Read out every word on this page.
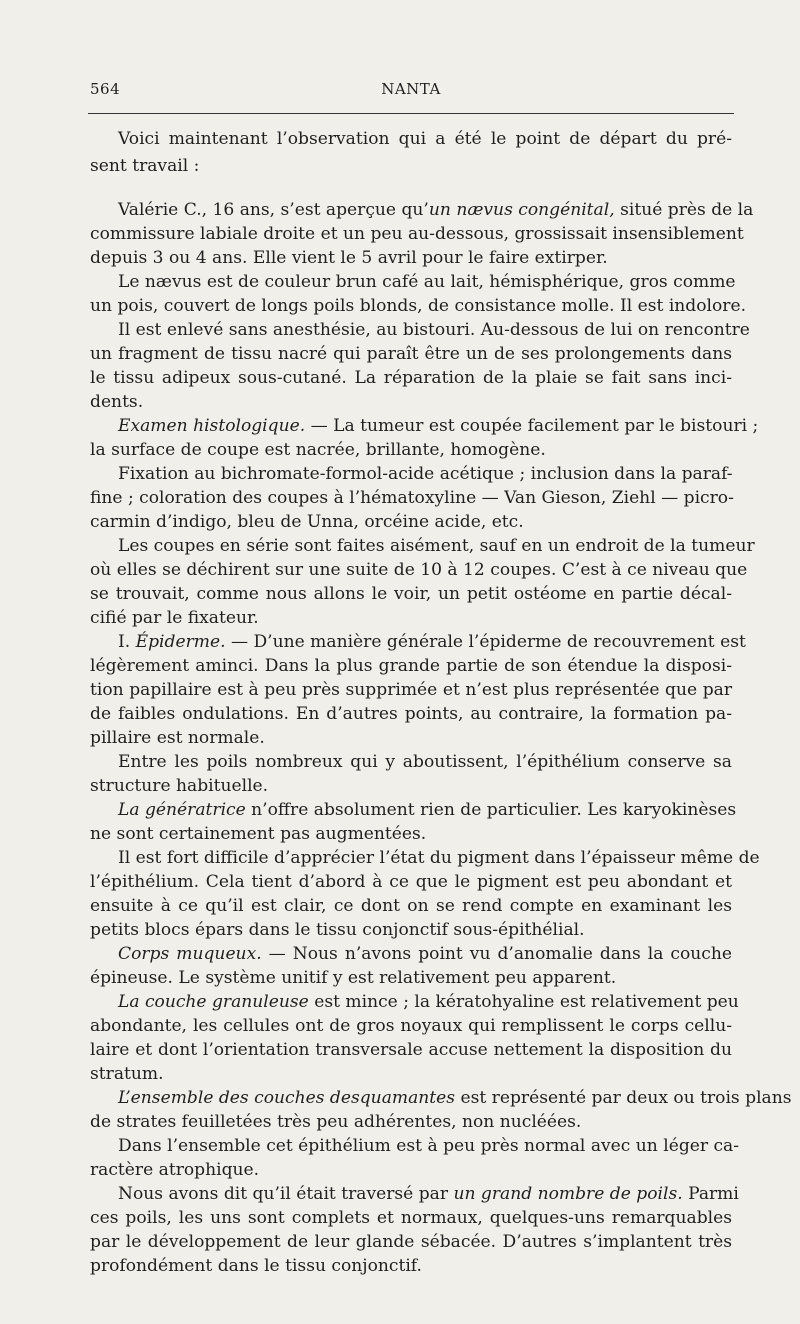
564	NANTA
Voici maintenant l’observation qui a été le point de départ du pré-
sent travail :
Valérie C., 16 ans, s’est aperçue qu’un nævus congénital, situé près de la
commissure labiale droite et un peu au-dessous, grossissait insensiblement
depuis 3 ou 4 ans. Elle vient le 5 avril pour le faire extirper.
Le nævus est de couleur brun café au lait, hémisphérique, gros comme
un pois, couvert de longs poils blonds, de consistance molle. Il est indolore.
Il est enlevé sans anesthésie, au bistouri. Au-dessous de lui on rencontre
un fragment de tissu nacré qui paraît être un de ses prolongements dans
le tissu adipeux sous-cutané. La réparation de la plaie se fait sans inci-
dents.
Examen histologique. — La tumeur est coupée facilement par le bistouri ;
la surface de coupe est nacrée, brillante, homogène.
Fixation au bichromate-formol-acide acétique ; inclusion dans la paraf-
fine ; coloration des coupes à l’hématoxyline — Van Gieson, Ziehl — picro-
carmin d’indigo, bleu de Unna, orcéine acide, etc.
Les coupes en série sont faites aisément, sauf en un endroit de la tumeur
où elles se déchirent sur une suite de 10 à 12 coupes. C’est à ce niveau que
se trouvait, comme nous allons le voir, un petit ostéome en partie décal-
cifié par le fixateur.
I. Épiderme. — D’une manière générale l’épiderme de recouvrement est
légèrement aminci. Dans la plus grande partie de son étendue la disposi-
tion papillaire est à peu près supprimée et n’est plus représentée que par
de faibles ondulations. En d’autres points, au contraire, la formation pa-
pillaire est normale.
Entre les poils nombreux qui y aboutissent, l’épithélium conserve sa
structure habituelle.
La génératrice n’offre absolument rien de particulier. Les karyokinèses
ne sont certainement pas augmentées.
Il est fort difficile d’apprécier l’état du pigment dans l’épaisseur même de
l’épithélium. Cela tient d’abord à ce que le pigment est peu abondant et
ensuite à ce qu’il est clair, ce dont on se rend compte en examinant les
petits blocs épars dans le tissu conjonctif sous-épithélial.
Corps muqueux. — Nous n’avons point vu d’anomalie dans la couche
épineuse. Le système unitif y est relativement peu apparent.
La couche granuleuse est mince ; la kératohyaline est relativement peu
abondante, les cellules ont de gros noyaux qui remplissent le corps cellu-
laire et dont l’orientation transversale accuse nettement la disposition du
stratum.
L’ensemble des couches desquamantes est représenté par deux ou trois plans
de strates feuilletées très peu adhérentes, non nucléées.
Dans l’ensemble cet épithélium est à peu près normal avec un léger ca-
ractère atrophique.
Nous avons dit qu’il était traversé par un grand nombre de poils. Parmi
ces poils, les uns sont complets et normaux, quelques-uns remarquables
par le développement de leur glande sébacée. D’autres s’implantent très
profondément dans le tissu conjonctif.
